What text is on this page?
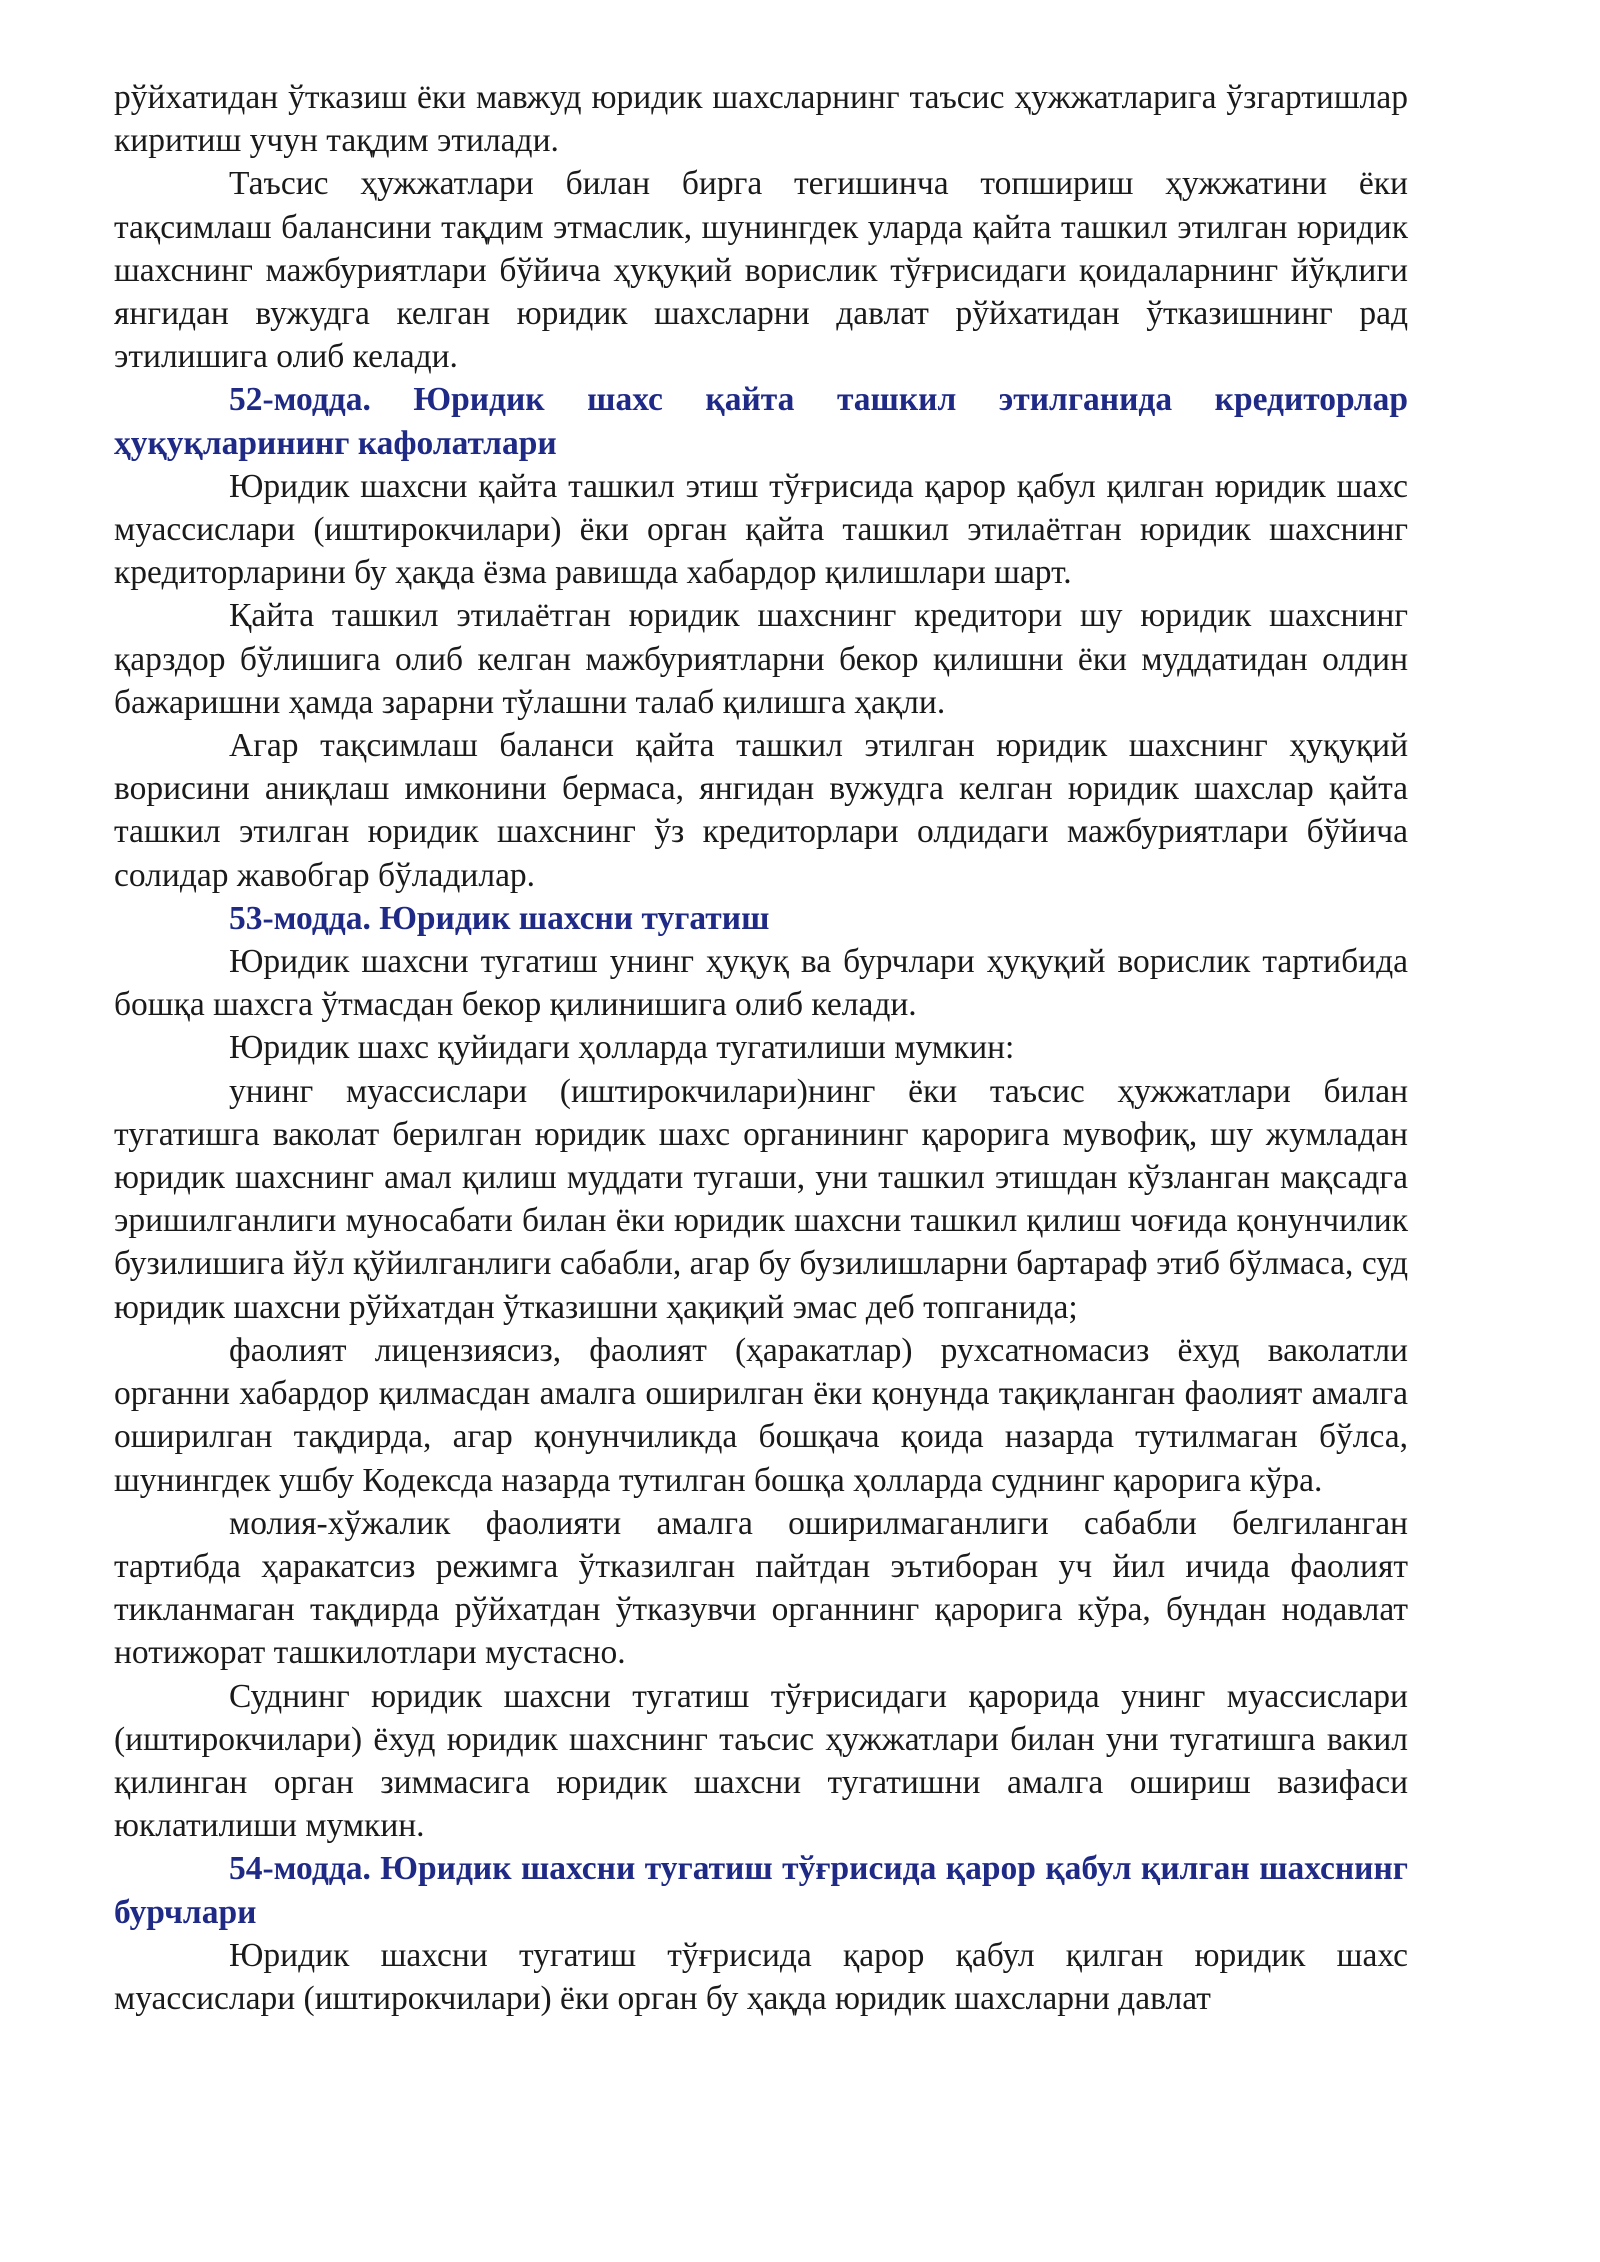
рўйхатидан ўтказиш ёки мавжуд юридик шахсларнинг таъсис ҳужжатларига ўзгартишлар киритиш учун тақдим этилади.

Таъсис ҳужжатлари билан бирга тегишинча топшириш ҳужжатини ёки тақсимлаш балансини тақдим этмаслик, шунингдек уларда қайта ташкил этилган юридик шахснинг мажбуриятлари бўйича ҳуқуқий ворислик тўғрисидаги қоидаларнинг йўқлиги янгидан вужудга келган юридик шахсларни давлат рўйхатидан ўтказишнинг рад этилишига олиб келади.

52-модда. Юридик шахс қайта ташкил этилганида кредиторлар ҳуқуқларининг кафолатлари

Юридик шахсни қайта ташкил этиш тўғрисида қарор қабул қилган юридик шахс муассислари (иштирокчилари) ёки орган қайта ташкил этилаётган юридик шахснинг кредиторларини бу ҳақда ёзма равишда хабардор қилишлари шарт.

Қайта ташкил этилаётган юридик шахснинг кредитори шу юридик шахснинг қарздор бўлишига олиб келган мажбуриятларни бекор қилишни ёки муддатидан олдин бажаришни ҳамда зарарни тўлашни талаб қилишга ҳақли.

Агар тақсимлаш баланси қайта ташкил этилган юридик шахснинг ҳуқуқий ворисини аниқлаш имконини бермаса, янгидан вужудга келган юридик шахслар қайта ташкил этилган юридик шахснинг ўз кредиторлари олдидаги мажбуриятлари бўйича солидар жавобгар бўладилар.

53-модда. Юридик шахсни тугатиш

Юридик шахсни тугатиш унинг ҳуқуқ ва бурчлари ҳуқуқий ворислик тартибида бошқа шахсга ўтмасдан бекор қилинишига олиб келади.

Юридик шахс қуйидаги ҳолларда тугатилиши мумкин:

унинг муассислари (иштирокчилари)нинг ёки таъсис ҳужжатлари билан тугатишга ваколат берилган юридик шахс органининг қарорига мувофиқ, шу жумладан юридик шахснинг амал қилиш муддати тугаши, уни ташкил этишдан кўзланган мақсадга эришилганлиги муносабати билан ёки юридик шахсни ташкил қилиш чоғида қонунчилик бузилишига йўл қўйилганлиги сабабли, агар бу бузилишларни бартараф этиб бўлмаса, суд юридик шахсни рўйхатдан ўтказишни ҳақиқий эмас деб топганида;

фаолият лицензиясиз, фаолият (ҳаракатлар) рухсатномасиз ёхуд ваколатли органни хабардор қилмасдан амалга оширилган ёки қонунда тақиқланган фаолият амалга оширилган тақдирда, агар қонунчиликда бошқача қоида назарда тутилмаган бўлса, шунингдек ушбу Кодексда назарда тутилган бошқа ҳолларда суднинг қарорига кўра.

молия-хўжалик фаолияти амалга оширилмаганлиги сабабли белгиланган тартибда ҳаракатсиз режимга ўтказилган пайтдан эътиборан уч йил ичида фаолият тикланмаган тақдирда рўйхатдан ўтказувчи органнинг қарорига кўра, бундан нодавлат нотижорат ташкилотлари мустасно.

Суднинг юридик шахсни тугатиш тўғрисидаги қарорида унинг муассислари (иштирокчилари) ёхуд юридик шахснинг таъсис ҳужжатлари билан уни тугатишга вакил қилинган орган зиммасига юридик шахсни тугатишни амалга ошириш вазифаси юклатилиши мумкин.

54-модда. Юридик шахсни тугатиш тўғрисида қарор қабул қилган шахснинг бурчлари

Юридик шахсни тугатиш тўғрисида қарор қабул қилган юридик шахс муассислари (иштирокчилари) ёки орган бу ҳақда юридик шахсларни давлат
